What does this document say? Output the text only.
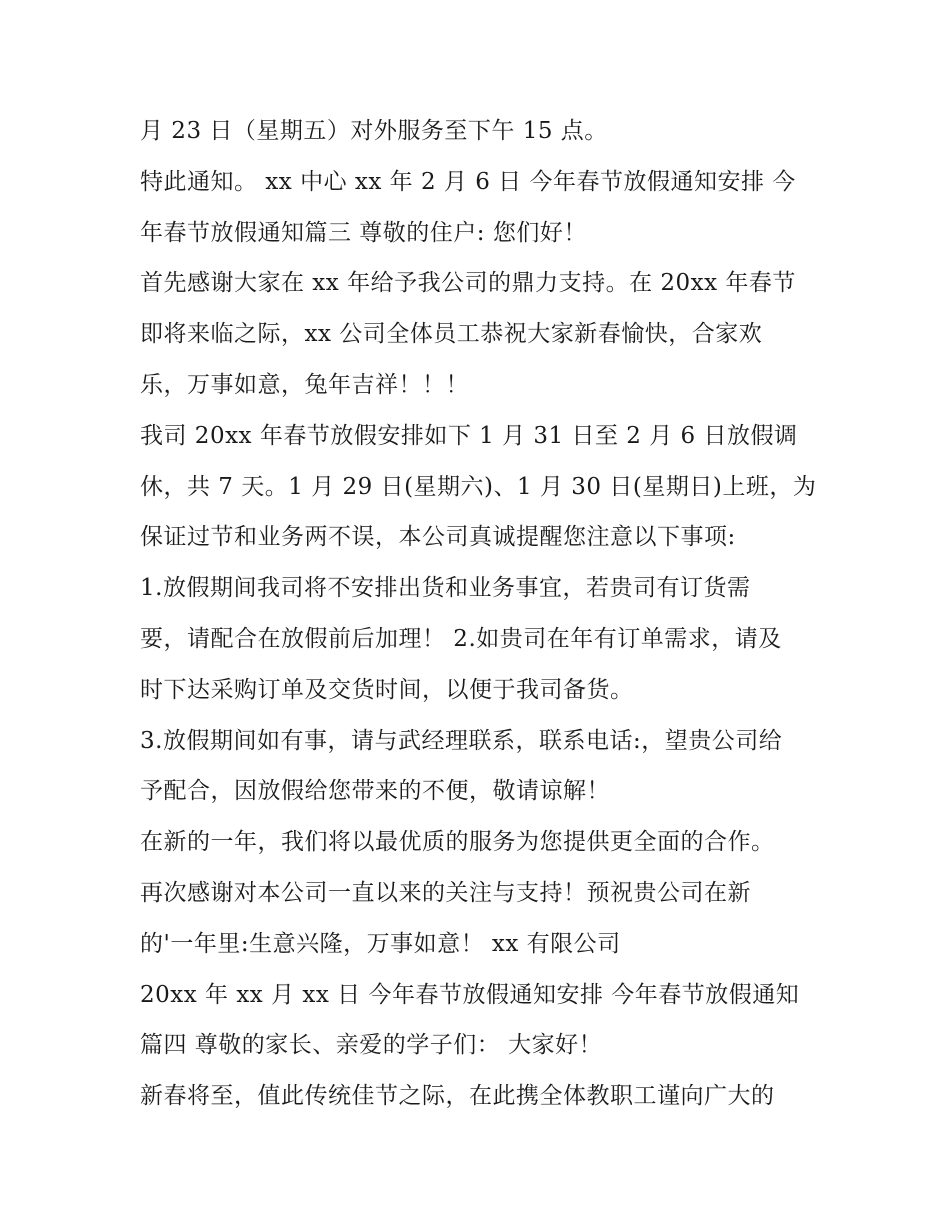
月 23 日（星期五）对外服务至下午 15 点。
特此通知。 xx 中心 xx 年 2 月 6 日 今年春节放假通知安排 今
年春节放假通知篇三 尊敬的住户: 您们好！
首先感谢大家在 xx 年给予我公司的鼎力支持。在 20xx 年春节
即将来临之际，xx 公司全体员工恭祝大家新春愉快，合家欢
乐，万事如意，兔年吉祥！！！
我司 20xx 年春节放假安排如下 1 月 31 日至 2 月 6 日放假调
休，共 7 天。1 月 29 日(星期六)、1 月 30 日(星期日)上班，为
保证过节和业务两不误，本公司真诚提醒您注意以下事项:
1.放假期间我司将不安排出货和业务事宜，若贵司有订货需
要，请配合在放假前后加理！ 2.如贵司在年有订单需求，请及
时下达采购订单及交货时间，以便于我司备货。
3.放假期间如有事，请与武经理联系，联系电话:，望贵公司给
予配合，因放假给您带来的不便，敬请谅解！
在新的一年，我们将以最优质的服务为您提供更全面的合作。
再次感谢对本公司一直以来的关注与支持！预祝贵公司在新
的'一年里:生意兴隆，万事如意！ xx 有限公司
20xx 年 xx 月 xx 日 今年春节放假通知安排 今年春节放假通知
篇四 尊敬的家长、亲爱的学子们： 大家好！
新春将至，值此传统佳节之际，在此携全体教职工谨向广大的
